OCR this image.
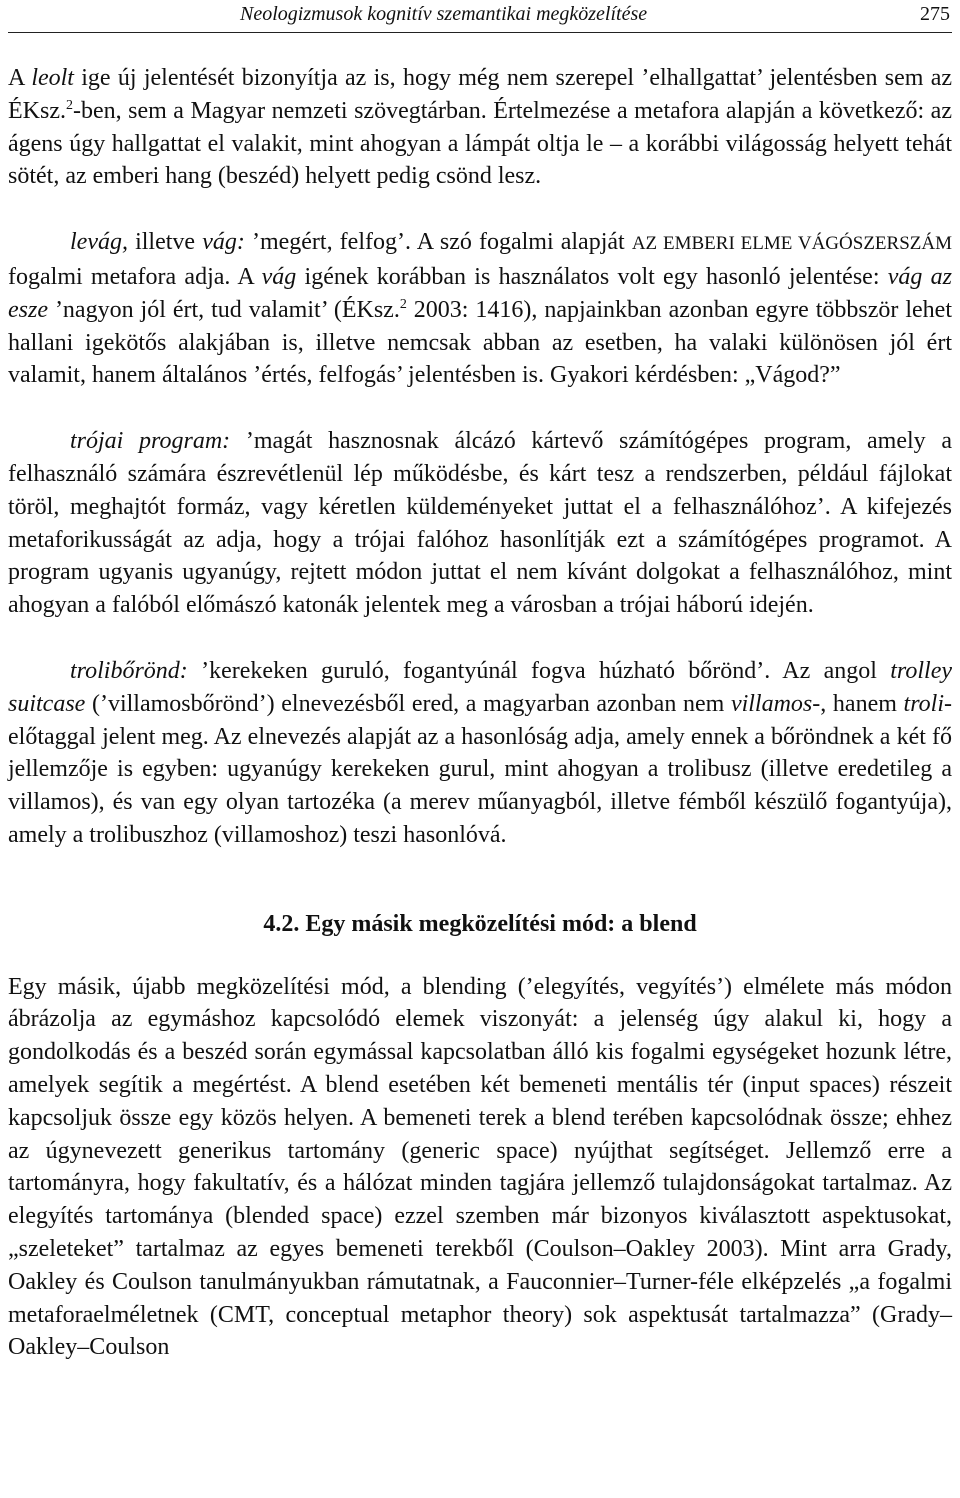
Neologizmusok kognitív szemantikai megközelítése	275

A leolt ige új jelentését bizonyítja az is, hogy még nem szerepel ’elhallgattat’ jelentésben sem az ÉKsz.$^2$-ben, sem a Magyar nemzeti szövegtárban. Értelmezése a metafora alapján a következő: az ágens úgy hallgattat el valakit, mint ahogyan a lámpát oltja le – a korábbi világosság helyett tehát sötét, az emberi hang (beszéd) helyett pedig csönd lesz.

levág, illetve vág: ’megért, felfog’. A szó fogalmi alapját AZ EMBERI ELME VÁGÓSZERSZÁM fogalmi metafora adja. A vág igének korábban is használatos volt egy hasonló jelentése: vág az esze ’nagyon jól ért, tud valamit’ (ÉKsz.$^2$ 2003: 1416), napjainkban azonban egyre többször lehet hallani igekötős alakjában is, illetve nemcsak abban az esetben, ha valaki különösen jól ért valamit, hanem általános ’értés, felfogás’ jelentésben is. Gyakori kérdésben: „Vágod?”

trójai program: ’magát hasznosnak álcázó kártevő számítógépes program, amely a felhasználó számára észrevétlenül lép működésbe, és kárt tesz a rendszerben, például fájlokat töröl, meghajtót formáz, vagy kéretlen küldeményeket juttat el a felhasználóhoz’. A kifejezés metaforikusságát az adja, hogy a trójai falóhoz hasonlítják ezt a számítógépes programot. A program ugyanis ugyanúgy, rejtett módon juttat el nem kívánt dolgokat a felhasználóhoz, mint ahogyan a falóból előmászó katonák jelentek meg a városban a trójai háború idején.

trolibőrönd: ’kerekeken guruló, fogantyúnál fogva húzható bőrönd’. Az angol trolley suitcase (’villamosbőrönd’) elnevezésből ered, a magyarban azonban nem villamos-, hanem troli- előtaggal jelent meg. Az elnevezés alapját az a hasonlóság adja, amely ennek a bőröndnek a két fő jellemzője is egyben: ugyanúgy kerekeken gurul, mint ahogyan a trolibusz (illetve eredetileg a villamos), és van egy olyan tartozéka (a merev műanyagból, illetve fémből készülő fogantyúja), amely a trolibuszhoz (villamoshoz) teszi hasonlóvá.

4.2. Egy másik megközelítési mód: a blend

Egy másik, újabb megközelítési mód, a blending (’elegyítés, vegyítés’) elmélete más módon ábrázolja az egymáshoz kapcsolódó elemek viszonyát: a jelenség úgy alakul ki, hogy a gondolkodás és a beszéd során egymással kapcsolatban álló kis fogalmi egységeket hozunk létre, amelyek segítik a megértést. A blend esetében két bemeneti mentális tér (input spaces) részeit kapcsoljuk össze egy közös helyen. A bemeneti terek a blend terében kapcsolódnak össze; ehhez az úgynevezett generikus tartomány (generic space) nyújthat segítséget. Jellemző erre a tartományra, hogy fakultatív, és a hálózat minden tagjára jellemző tulajdonságokat tartalmaz. Az elegyítés tartománya (blended space) ezzel szemben már bizonyos kiválasztott aspektusokat, „szeleteket” tartalmaz az egyes bemeneti terekből (Coulson–Oakley 2003). Mint arra Grady, Oakley és Coulson tanulmányukban rámutatnak, a Fauconnier–Turner-féle elképzelés „a fogalmi metaforaelméletnek (CMT, conceptual metaphor theory) sok aspektusát tartalmazza” (Grady–Oakley–Coulson
